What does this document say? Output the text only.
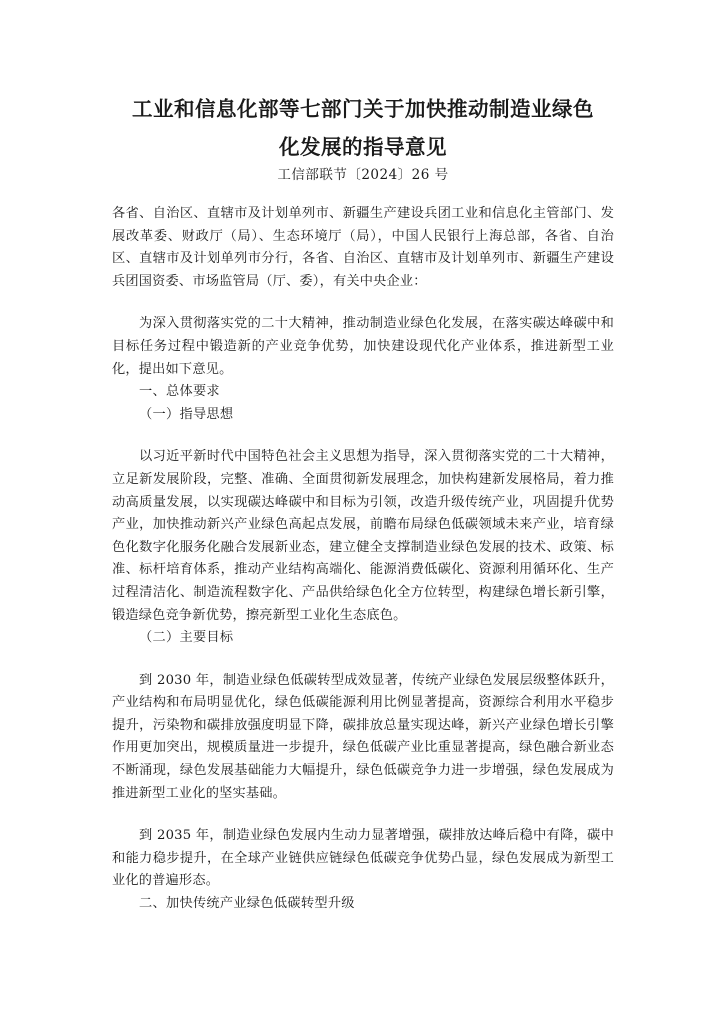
工业和信息化部等七部门关于加快推动制造业绿色
化发展的指导意见
工信部联节〔2024〕26 号

各省、自治区、直辖市及计划单列市、新疆生产建设兵团工业和信息化主管部门、发展改革委、财政厅（局）、生态环境厅（局），中国人民银行上海总部，各省、自治区、直辖市及计划单列市分行，各省、自治区、直辖市及计划单列市、新疆生产建设兵团国资委、市场监管局（厅、委），有关中央企业：

为深入贯彻落实党的二十大精神，推动制造业绿色化发展，在落实碳达峰碳中和目标任务过程中锻造新的产业竞争优势，加快建设现代化产业体系，推进新型工业化，提出如下意见。

一、总体要求

（一）指导思想

以习近平新时代中国特色社会主义思想为指导，深入贯彻落实党的二十大精神，立足新发展阶段，完整、准确、全面贯彻新发展理念，加快构建新发展格局，着力推动高质量发展，以实现碳达峰碳中和目标为引领，改造升级传统产业，巩固提升优势产业，加快推动新兴产业绿色高起点发展，前瞻布局绿色低碳领域未来产业，培育绿色化数字化服务化融合发展新业态，建立健全支撑制造业绿色发展的技术、政策、标准、标杆培育体系，推动产业结构高端化、能源消费低碳化、资源利用循环化、生产过程清洁化、制造流程数字化、产品供给绿色化全方位转型，构建绿色增长新引擎，锻造绿色竞争新优势，擦亮新型工业化生态底色。

（二）主要目标

到 2030 年，制造业绿色低碳转型成效显著，传统产业绿色发展层级整体跃升，产业结构和布局明显优化，绿色低碳能源利用比例显著提高，资源综合利用水平稳步提升，污染物和碳排放强度明显下降，碳排放总量实现达峰，新兴产业绿色增长引擎作用更加突出，规模质量进一步提升，绿色低碳产业比重显著提高，绿色融合新业态不断涌现，绿色发展基础能力大幅提升，绿色低碳竞争力进一步增强，绿色发展成为推进新型工业化的坚实基础。

到 2035 年，制造业绿色发展内生动力显著增强，碳排放达峰后稳中有降，碳中和能力稳步提升，在全球产业链供应链绿色低碳竞争优势凸显，绿色发展成为新型工业化的普遍形态。

二、加快传统产业绿色低碳转型升级
